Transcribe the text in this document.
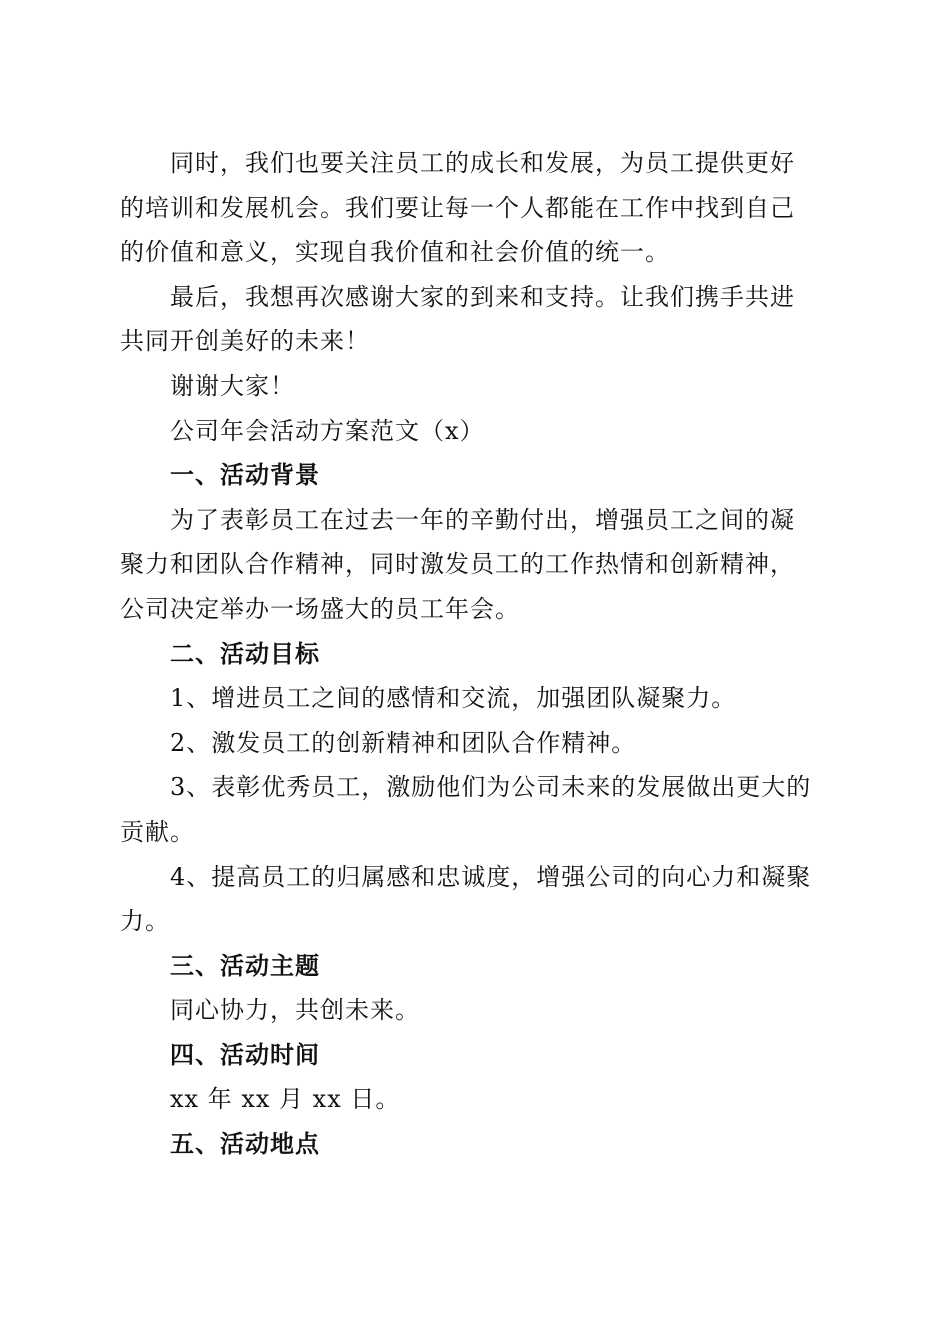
同时，我们也要关注员工的成长和发展，为员工提供更好
的培训和发展机会。我们要让每一个人都能在工作中找到自己
的价值和意义，实现自我价值和社会价值的统一。
最后，我想再次感谢大家的到来和支持。让我们携手共进
共同开创美好的未来！
谢谢大家！
公司年会活动方案范文（x）
一、活动背景
为了表彰员工在过去一年的辛勤付出，增强员工之间的凝
聚力和团队合作精神，同时激发员工的工作热情和创新精神，
公司决定举办一场盛大的员工年会。
二、活动目标
1、增进员工之间的感情和交流，加强团队凝聚力。
2、激发员工的创新精神和团队合作精神。
3、表彰优秀员工，激励他们为公司未来的发展做出更大的
贡献。
4、提高员工的归属感和忠诚度，增强公司的向心力和凝聚
力。
三、活动主题
同心协力，共创未来。
四、活动时间
xx 年 xx 月 xx 日。
五、活动地点
